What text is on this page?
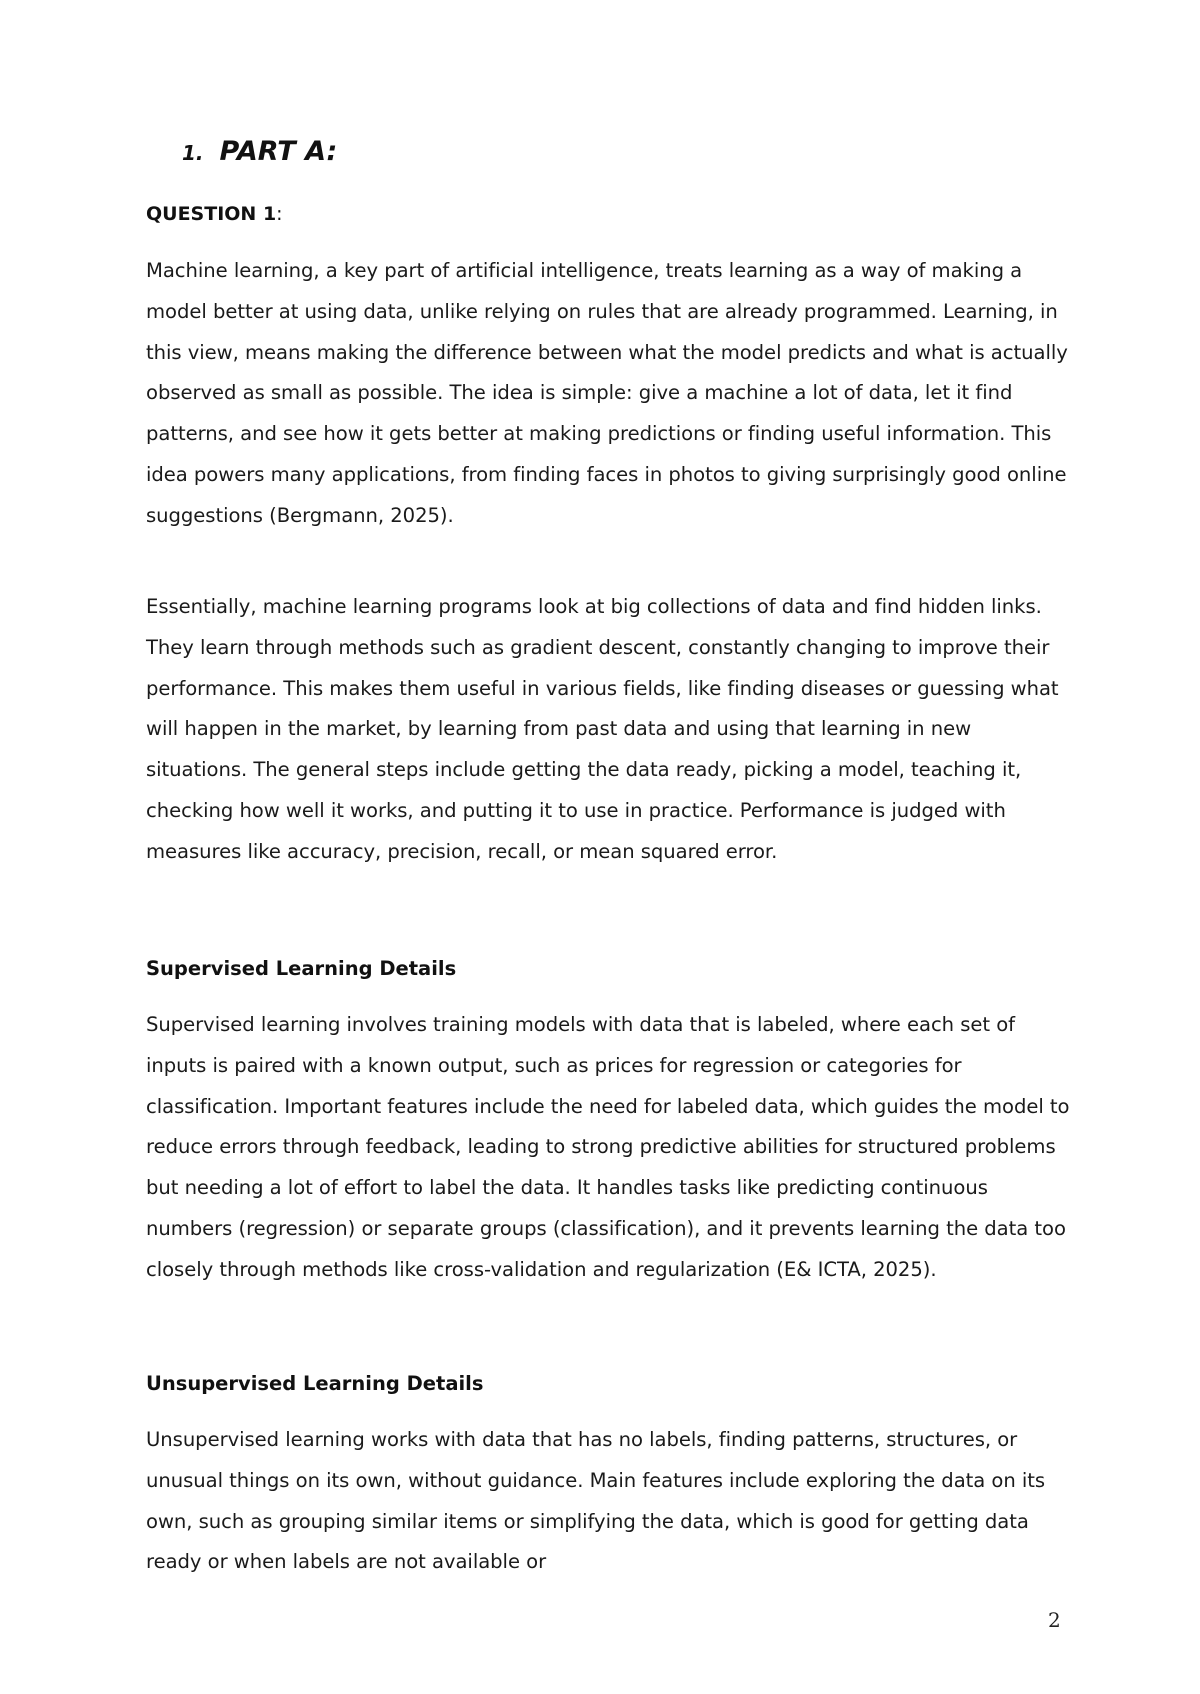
1. PART A:

QUESTION 1:

Machine learning, a key part of artificial intelligence, treats learning as a way of making a model better at using data, unlike relying on rules that are already programmed. Learning, in this view, means making the difference between what the model predicts and what is actually observed as small as possible. The idea is simple: give a machine a lot of data, let it find patterns, and see how it gets better at making predictions or finding useful information. This idea powers many applications, from finding faces in photos to giving surprisingly good online suggestions (Bergmann, 2025).

Essentially, machine learning programs look at big collections of data and find hidden links. They learn through methods such as gradient descent, constantly changing to improve their performance. This makes them useful in various fields, like finding diseases or guessing what will happen in the market, by learning from past data and using that learning in new situations. The general steps include getting the data ready, picking a model, teaching it, checking how well it works, and putting it to use in practice. Performance is judged with measures like accuracy, precision, recall, or mean squared error.

Supervised Learning Details

Supervised learning involves training models with data that is labeled, where each set of inputs is paired with a known output, such as prices for regression or categories for classification. Important features include the need for labeled data, which guides the model to reduce errors through feedback, leading to strong predictive abilities for structured problems but needing a lot of effort to label the data. It handles tasks like predicting continuous numbers (regression) or separate groups (classification), and it prevents learning the data too closely through methods like cross-validation and regularization (E& ICTA, 2025).

Unsupervised Learning Details

Unsupervised learning works with data that has no labels, finding patterns, structures, or unusual things on its own, without guidance. Main features include exploring the data on its own, such as grouping similar items or simplifying the data, which is good for getting data ready or when labels are not available or

2
